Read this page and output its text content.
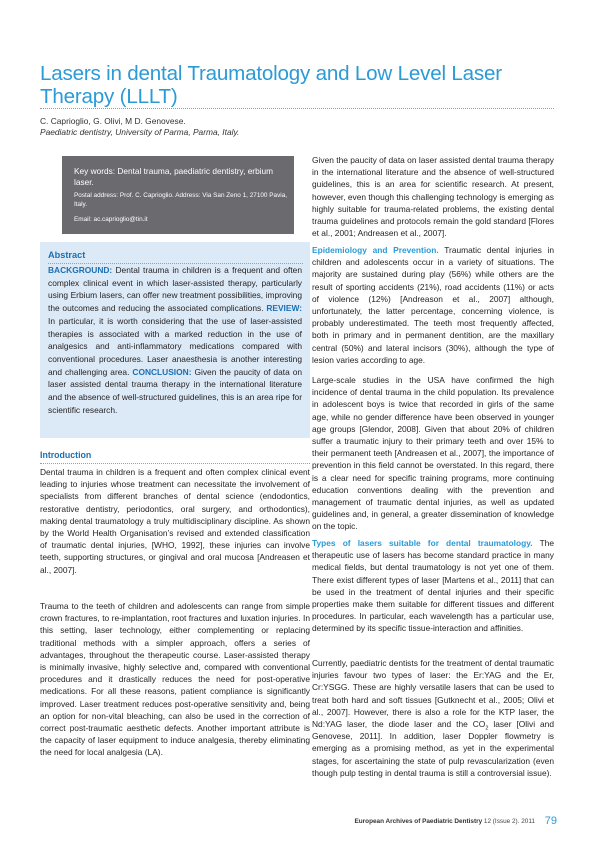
Lasers in dental Traumatology and Low Level Laser Therapy (LLLT)
C. Caprioglio, G. Olivi, M D. Genovese.
Paediatric dentistry, University of Parma, Parma, Italy.
Key words: Dental trauma, paediatric dentistry, erbium laser.
Postal address: Prof. C. Caprioglio. Address: Via San Zeno 1, 27100 Pavia, Italy.
Email: ac.caprioglio@tin.it
Abstract

BACKGROUND: Dental trauma in children is a frequent and often complex clinical event in which laser-assisted therapy, particularly using Erbium lasers, can offer new treatment possibilities, improving the outcomes and reducing the associated complications. REVIEW: In particular, it is worth considering that the use of laser-assisted therapies is associated with a marked reduction in the use of analgesics and anti-inflammatory medications compared with conventional procedures. Laser anaesthesia is another interesting and challenging area. CONCLUSION: Given the paucity of data on laser assisted dental trauma therapy in the international literature and the absence of well-structured guidelines, this is an area ripe for scientific research.

Introduction

Dental trauma in children is a frequent and often complex clinical event leading to injuries whose treatment can necessitate the involvement of specialists from different branches of dental science (endodontics, restorative dentistry, periodontics, oral surgery, and orthodontics), making dental traumatology a truly multidisciplinary discipline. As shown by the World Health Organisation’s revised and extended classification of traumatic dental injuries, [WHO, 1992], these injuries can involve teeth, supporting structures, or gingival and oral mucosa [Andreasen et al., 2007].

Trauma to the teeth of children and adolescents can range from simple crown fractures, to re-implantation, root fractures and luxation injuries. In this setting, laser technology, either complementing or replacing traditional methods with a simpler approach, offers a series of advantages, throughout the therapeutic course. Laser-assisted therapy is minimally invasive, highly selective and, compared with conventional procedures and it drastically reduces the need for post-operative medications. For all these reasons, patient compliance is significantly improved. Laser treatment reduces post-operative sensitivity and, being an option for non-vital bleaching, can also be used in the correction of correct post-traumatic aesthetic defects. Another important attribute is the capacity of laser equipment to induce analgesia, thereby eliminating the need for local analgesia (LA).

Given the paucity of data on laser assisted dental trauma therapy in the international literature and the absence of well-structured guidelines, this is an area for scientific research. At present, however, even though this challenging technology is emerging as highly suitable for trauma-related problems, the existing dental trauma guidelines and protocols remain the gold standard [Flores et al., 2001; Andreasen et al., 2007].

Epidemiology and Prevention. Traumatic dental injuries in children and adolescents occur in a variety of situations. The majority are sustained during play (56%) while others are the result of sporting accidents (21%), road accidents (11%) or acts of violence (12%) [Andreason et al., 2007] although, unfortunately, the latter percentage, concerning violence, is probably underestimated. The teeth most frequently affected, both in primary and in permanent dentition, are the maxillary central (50%) and lateral incisors (30%), although the type of lesion varies according to age.

Large-scale studies in the USA have confirmed the high incidence of dental trauma in the child population. Its prevalence in adolescent boys is twice that recorded in girls of the same age, while no gender difference have been observed in younger age groups [Glendor, 2008]. Given that about 20% of children suffer a traumatic injury to their primary teeth and over 15% to their permanent teeth [Andreasen et al., 2007], the importance of prevention in this field cannot be overstated. In this regard, there is a clear need for specific training programs, more continuing education conventions dealing with the prevention and management of traumatic dental injuries, as well as updated guidelines and, in general, a greater dissemination of knowledge on the topic.

Types of lasers suitable for dental traumatology. The therapeutic use of lasers has become standard practice in many medical fields, but dental traumatology is not yet one of them. There exist different types of laser [Martens et al., 2011] that can be used in the treatment of dental injuries and their specific properties make them suitable for different tissues and different procedures. In particular, each wavelength has a particular use, determined by its specific tissue-interaction and affinities.

Currently, paediatric dentists for the treatment of dental traumatic injuries favour two types of laser: the Er:YAG and the Er, Cr:YSGG. These are highly versatile lasers that can be used to treat both hard and soft tissues [Gutknecht et al., 2005; Olivi et al., 2007]. However, there is also a role for the KTP laser, the Nd:YAG laser, the diode laser and the $CO_2$ laser [Olivi and Genovese, 2011]. In addition, laser Doppler flowmetry is emerging as a promising method, as yet in the experimental stages, for ascertaining the state of pulp revascularization (even though pulp testing in dental trauma is still a controversial issue).

European Archives of Paediatric Dentistry 12 (Issue 2). 2011 79
